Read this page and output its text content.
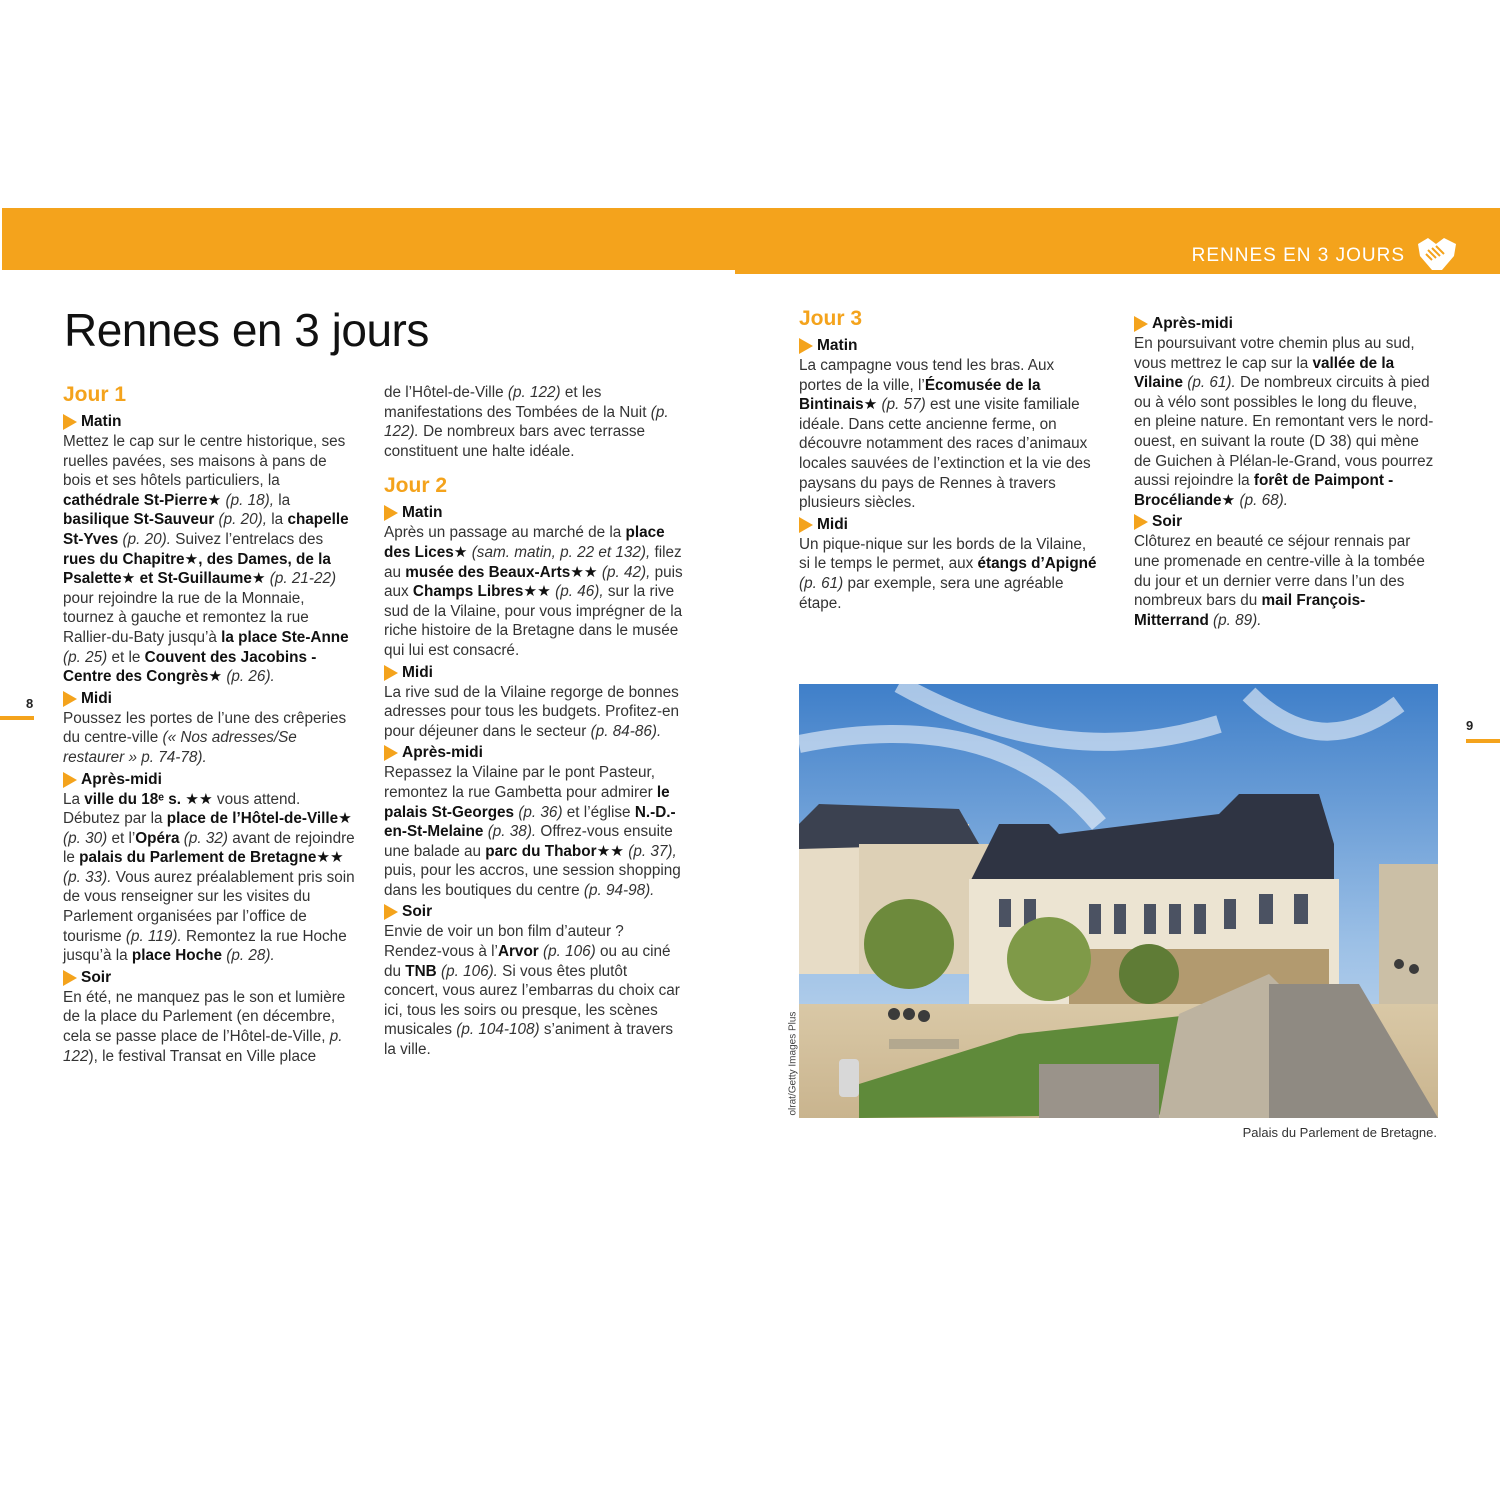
RENNES EN 3 JOURS
Rennes en 3 jours
Jour 1
Matin

Mettez le cap sur le centre historique, ses ruelles pavées, ses maisons à pans de bois et ses hôtels particuliers, la cathédrale St-Pierre★ (p. 18), la basilique St-Sauveur (p. 20), la chapelle St-Yves (p. 20). Suivez l’entrelacs des rues du Chapitre★, des Dames, de la Psalette★ et St-Guillaume★ (p. 21-22) pour rejoindre la rue de la Monnaie, tournez à gauche et remontez la rue Rallier-du-Baty jusqu’à la place Ste-Anne (p. 25) et le Couvent des Jacobins - Centre des Congrès★ (p. 26).

Midi

Poussez les portes de l’une des crêperies du centre-ville (« Nos adresses/Se restaurer » p. 74-78).

Après-midi

La ville du 18ᵉ s. ★★ vous attend. Débutez par la place de l’Hôtel-de-Ville★ (p. 30) et l’Opéra (p. 32) avant de rejoindre le palais du Parlement de Bretagne★★ (p. 33). Vous aurez préalablement pris soin de vous renseigner sur les visites du Parlement organisées par l’office de tourisme (p. 119). Remontez la rue Hoche jusqu’à la place Hoche (p. 28).

Soir

En été, ne manquez pas le son et lumière de la place du Parlement (en décembre, cela se passe place de l’Hôtel-de-Ville, p. 122), le festival Transat en Ville place

de l’Hôtel-de-Ville (p. 122) et les manifestations des Tombées de la Nuit (p. 122). De nombreux bars avec terrasse constituent une halte idéale.

Jour 2
Matin

Après un passage au marché de la place des Lices★ (sam. matin, p. 22 et 132), filez au musée des Beaux-Arts★★ (p. 42), puis aux Champs Libres★★ (p. 46), sur la rive sud de la Vilaine, pour vous imprégner de la riche histoire de la Bretagne dans le musée qui lui est consacré.

Midi

La rive sud de la Vilaine regorge de bonnes adresses pour tous les budgets. Profitez-en pour déjeuner dans le secteur (p. 84-86).

Après-midi

Repassez la Vilaine par le pont Pasteur, remontez la rue Gambetta pour admirer le palais St-Georges (p. 36) et l’église N.-D.-en-St-Melaine (p. 38). Offrez-vous ensuite une balade au parc du Thabor★★ (p. 37), puis, pour les accros, une session shopping dans les boutiques du centre (p. 94-98).

Soir

Envie de voir un bon film d’auteur ? Rendez-vous à l’Arvor (p. 106) ou au ciné du TNB (p. 106). Si vous êtes plutôt concert, vous aurez l’embarras du choix car ici, tous les soirs ou presque, les scènes musicales (p. 104-108) s’animent à travers la ville.

Jour 3
Matin

La campagne vous tend les bras. Aux portes de la ville, l’Écomusée de la Bintinais★ (p. 57) est une visite familiale idéale. Dans cette ancienne ferme, on découvre notamment des races d’animaux locales sauvées de l’extinction et la vie des paysans du pays de Rennes à travers plusieurs siècles.

Midi

Un pique-nique sur les bords de la Vilaine, si le temps le permet, aux étangs d’Apigné (p. 61) par exemple, sera une agréable étape.

Après-midi

En poursuivant votre chemin plus au sud, vous mettrez le cap sur la vallée de la Vilaine (p. 61). De nombreux circuits à pied ou à vélo sont possibles le long du fleuve, en pleine nature. En remontant vers le nord-ouest, en suivant la route (D 38) qui mène de Guichen à Plélan-le-Grand, vous pourrez aussi rejoindre la forêt de Paimpont - Brocéliande★ (p. 68).

Soir

Clôturez en beauté ce séjour rennais par une promenade en centre-ville à la tombée du jour et un dernier verre dans l’un des nombreux bars du mail François-Mitterrand (p. 89).

8
9
olrat/Getty Images Plus
Palais du Parlement de Bretagne.
